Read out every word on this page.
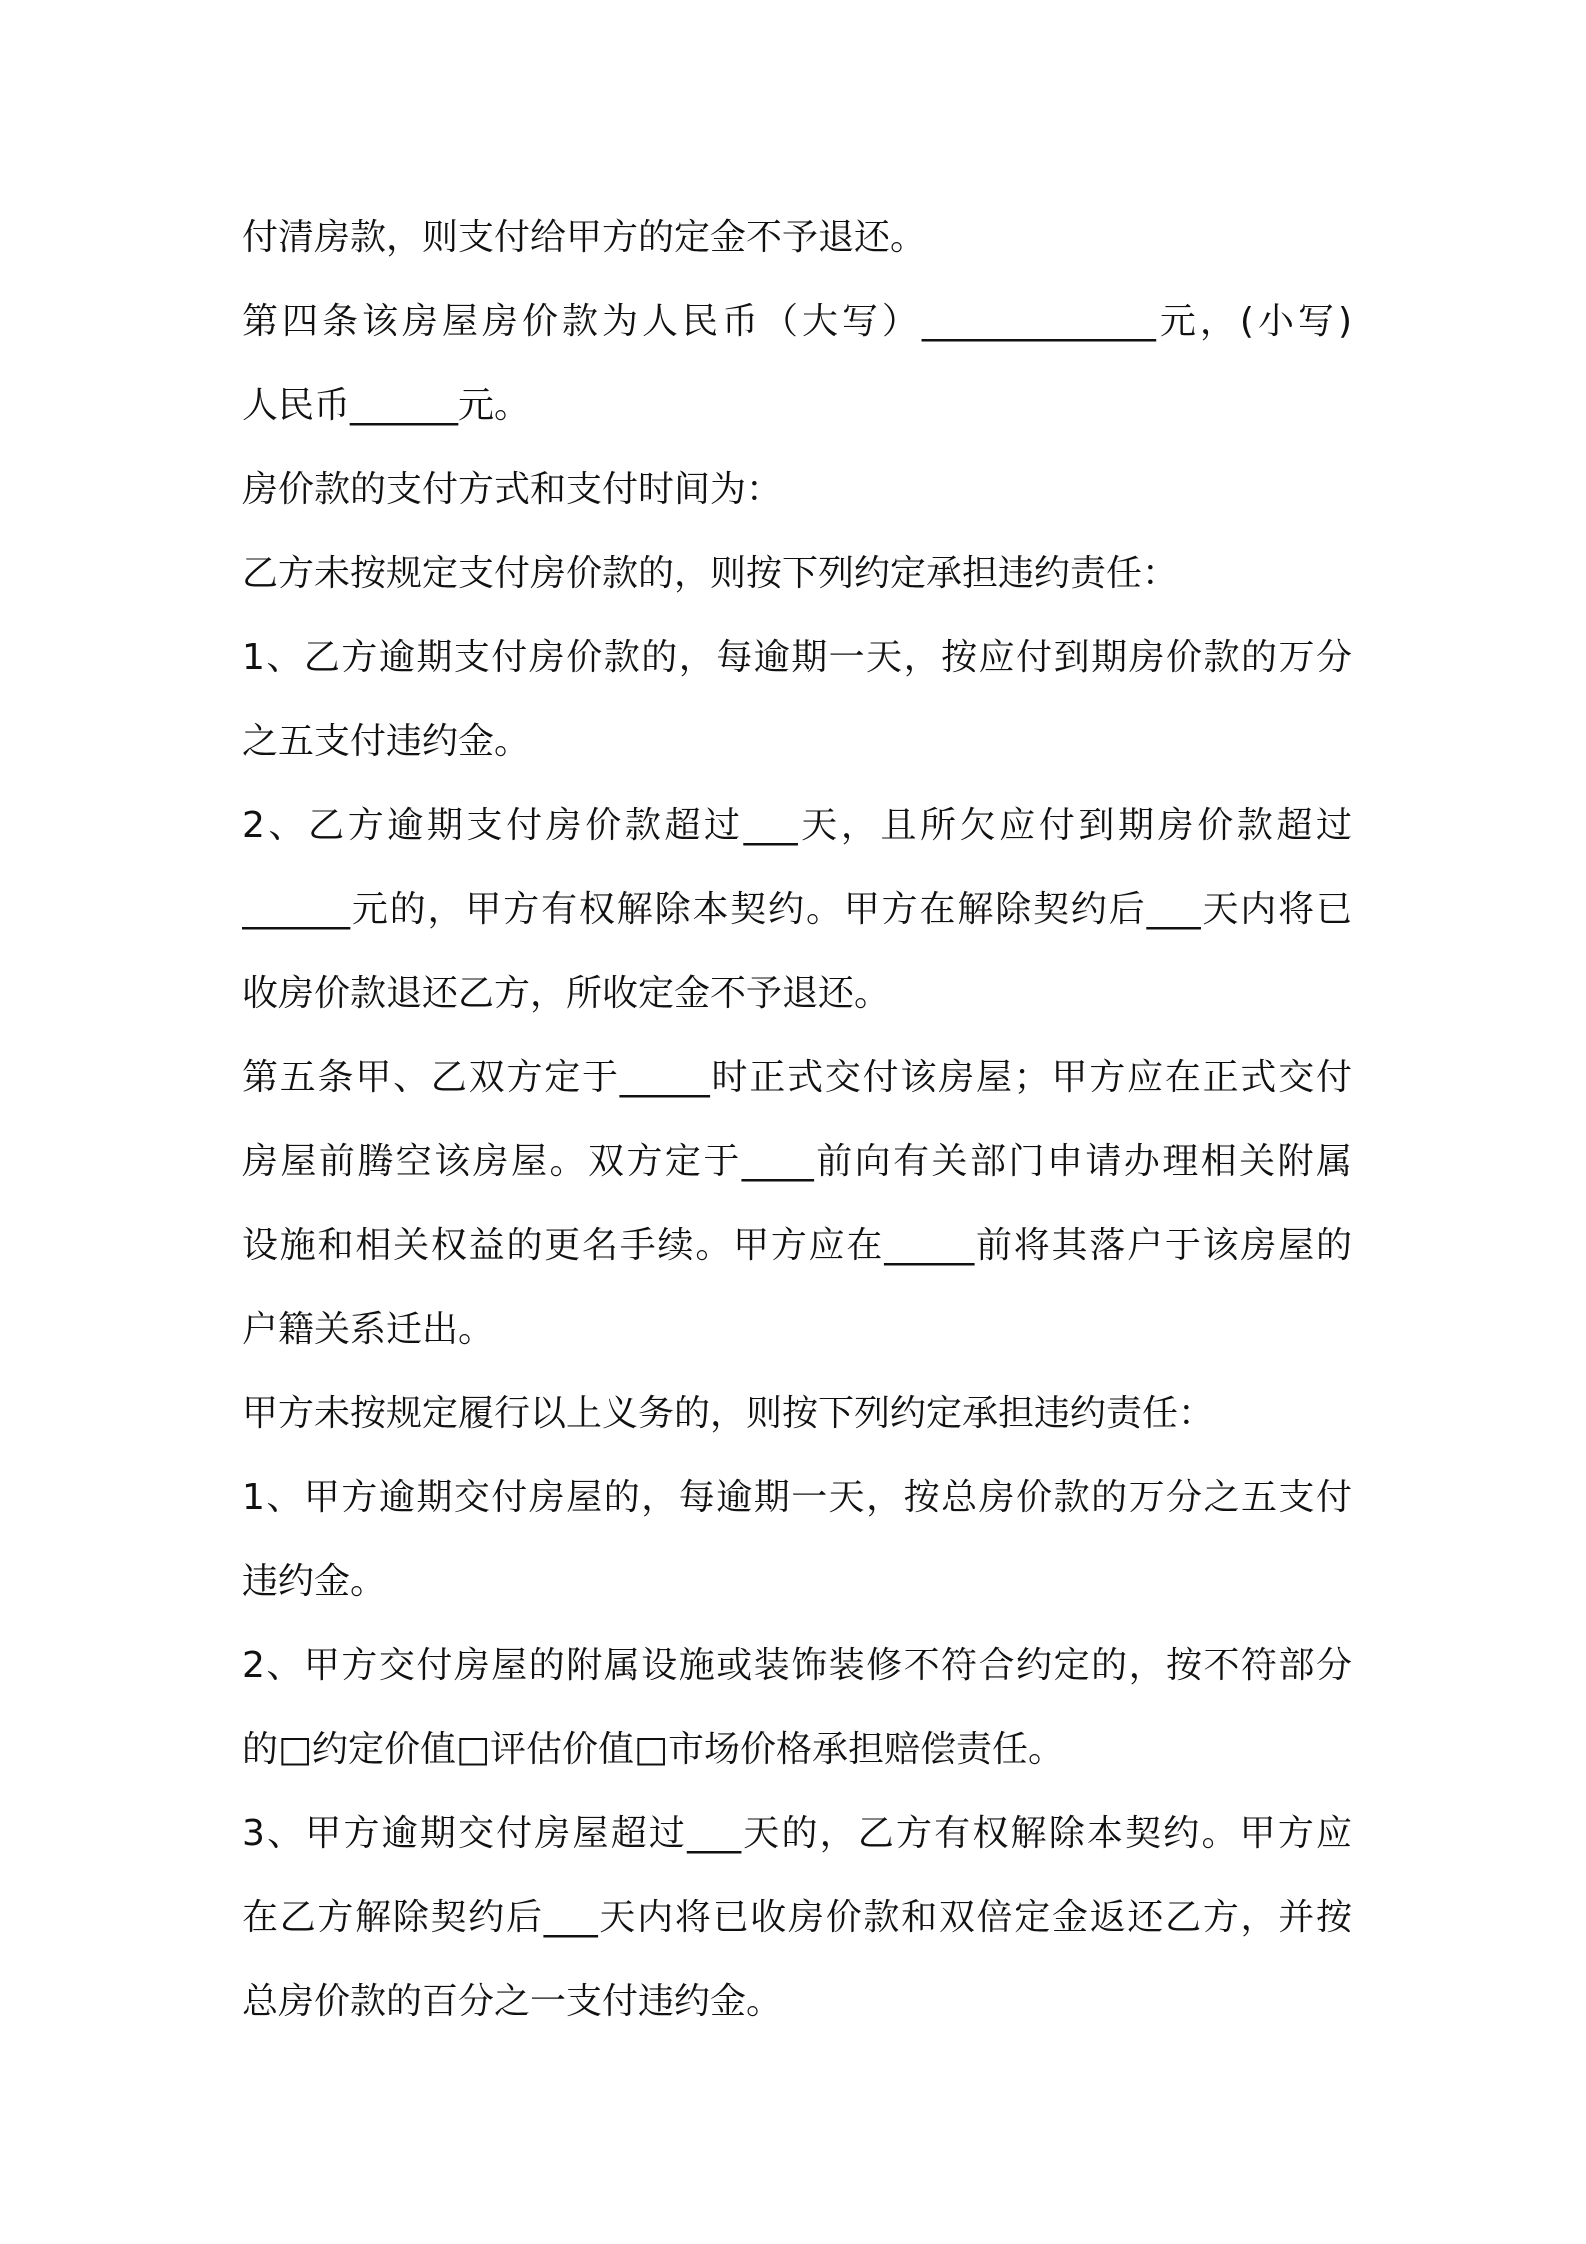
付清房款，则支付给甲方的定金不予退还。
第四条该房屋房价款为人民币（大写）_____________元，(小写)
人民币______元。
房价款的支付方式和支付时间为：
乙方未按规定支付房价款的，则按下列约定承担违约责任：
1、乙方逾期支付房价款的，每逾期一天，按应付到期房价款的万分
之五支付违约金。
2、乙方逾期支付房价款超过___天，且所欠应付到期房价款超过
______元的，甲方有权解除本契约。甲方在解除契约后___天内将已
收房价款退还乙方，所收定金不予退还。
第五条甲、乙双方定于_____时正式交付该房屋；甲方应在正式交付
房屋前腾空该房屋。双方定于____前向有关部门申请办理相关附属
设施和相关权益的更名手续。甲方应在_____前将其落户于该房屋的
户籍关系迁出。
甲方未按规定履行以上义务的，则按下列约定承担违约责任：
1、甲方逾期交付房屋的，每逾期一天，按总房价款的万分之五支付
违约金。
2、甲方交付房屋的附属设施或装饰装修不符合约定的，按不符部分
的□约定价值□评估价值□市场价格承担赔偿责任。
3、甲方逾期交付房屋超过___天的，乙方有权解除本契约。甲方应
在乙方解除契约后___天内将已收房价款和双倍定金返还乙方，并按
总房价款的百分之一支付违约金。
